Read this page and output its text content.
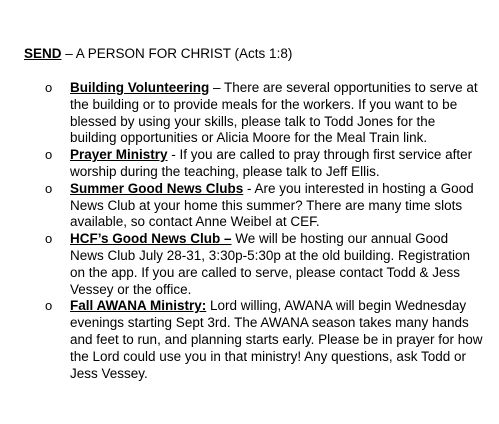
SEND – A PERSON FOR CHRIST (Acts 1:8)
o Building Volunteering – There are several opportunities to serve at the building or to provide meals for the workers. If you want to be blessed by using your skills, please talk to Todd Jones for the building opportunities or Alicia Moore for the Meal Train link.
o Prayer Ministry - If you are called to pray through first service after worship during the teaching, please talk to Jeff Ellis.
o Summer Good News Clubs - Are you interested in hosting a Good News Club at your home this summer? There are many time slots available, so contact Anne Weibel at CEF.
o HCF’s Good News Club – We will be hosting our annual Good News Club July 28-31, 3:30p-5:30p at the old building. Registration on the app. If you are called to serve, please contact Todd & Jess Vessey or the office.
o Fall AWANA Ministry: Lord willing, AWANA will begin Wednesday evenings starting Sept 3rd. The AWANA season takes many hands and feet to run, and planning starts early. Please be in prayer for how the Lord could use you in that ministry! Any questions, ask Todd or Jess Vessey.
